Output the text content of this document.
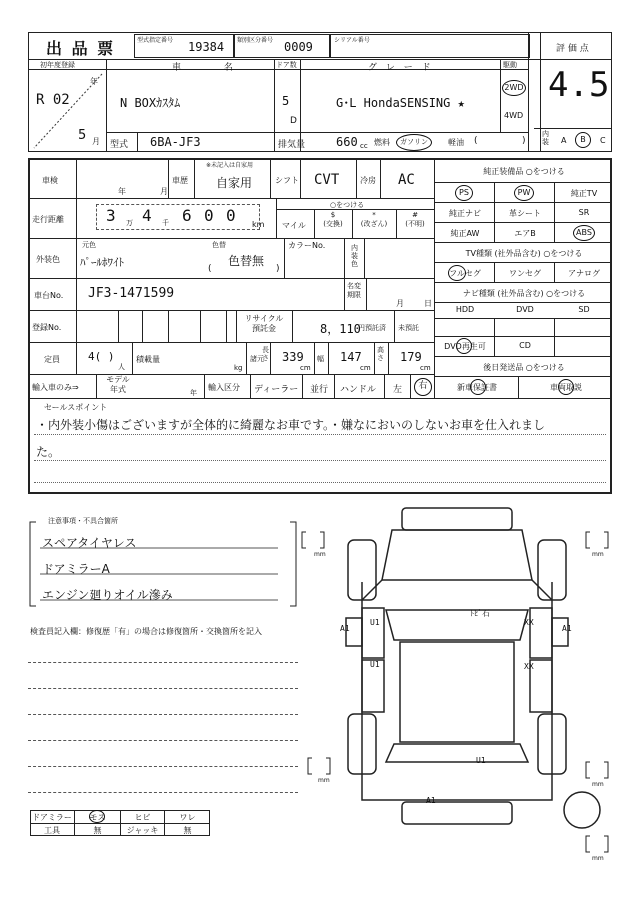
出 品 票	型式指定番号 19384 類別区分番号 0009	シリアル番号
評 価 点
初年度登録
R 02
年
5 月
車 名
N BOXｶｽﾀﾑ
ドア数
5
D
グ レ ー ド
G･L HondaSENSING ★
駆動
2WD
4WD
型式 6BA-JF3	排気量	660 cc 燃料	ガソリン	軽油 (	)
4.5
内装	A	B	C
車検
年	月
車歴
※未記入は自家用
自家用	シフト CVT	冷房 AC
走行距離	3 万 4 千 6 0 0 km
○をつける
マイル
$
(交換)
*
(改ざん)
#
(不明)
外装色
元色
ﾊﾟｰﾙﾎﾜｲﾄ
色替
色替無
(	)
カラーNo.	内装色
車台No. JF3-1471599	名変期限
月	日
登録No.
リサイクル
預託金	8，110
円預託済 未預託
定員	4( )
人
積載量
kg
諸元
長さ 339
cm
幅 147
cm
高さ 179
cm
輸入車のみ⇒
モデル
年式	年
輸入区分 ディーラー 並行 ハンドル 左	右
純正装備品 ○をつける
PS	PW	純正TV
純正ナビ	革シート	SR
純正AW	エアB	ABS
TV種類 (社外品含む) ○をつける
フルセグ	ワンセグ	アナログ
ナビ種類 (社外品含む) ○をつける
HDD	DVD	SD
DVD再生可	CD
後日発送品 ○をつける
新車保証書	車両取説
セールスポイント
・内外装小傷はございますが全体的に綺麗なお車です。・嫌なにおいのしないお車を仕入れまし
た。
注意事項・不具合箇所
スペアタイヤレス
ドアミラーA
エンジン廻りオイル滲み
検査員記入欄：修復歴「有」の場合は修復箇所・交換箇所を記入
ドアミラー	モス	ヒビ	ワレ
工具	無	ジャッキ	無
mm	mm
mm
mm
mm
A1
U1
U1
XX
XX
A1
ﾄﾋﾞ石
U1
A1
